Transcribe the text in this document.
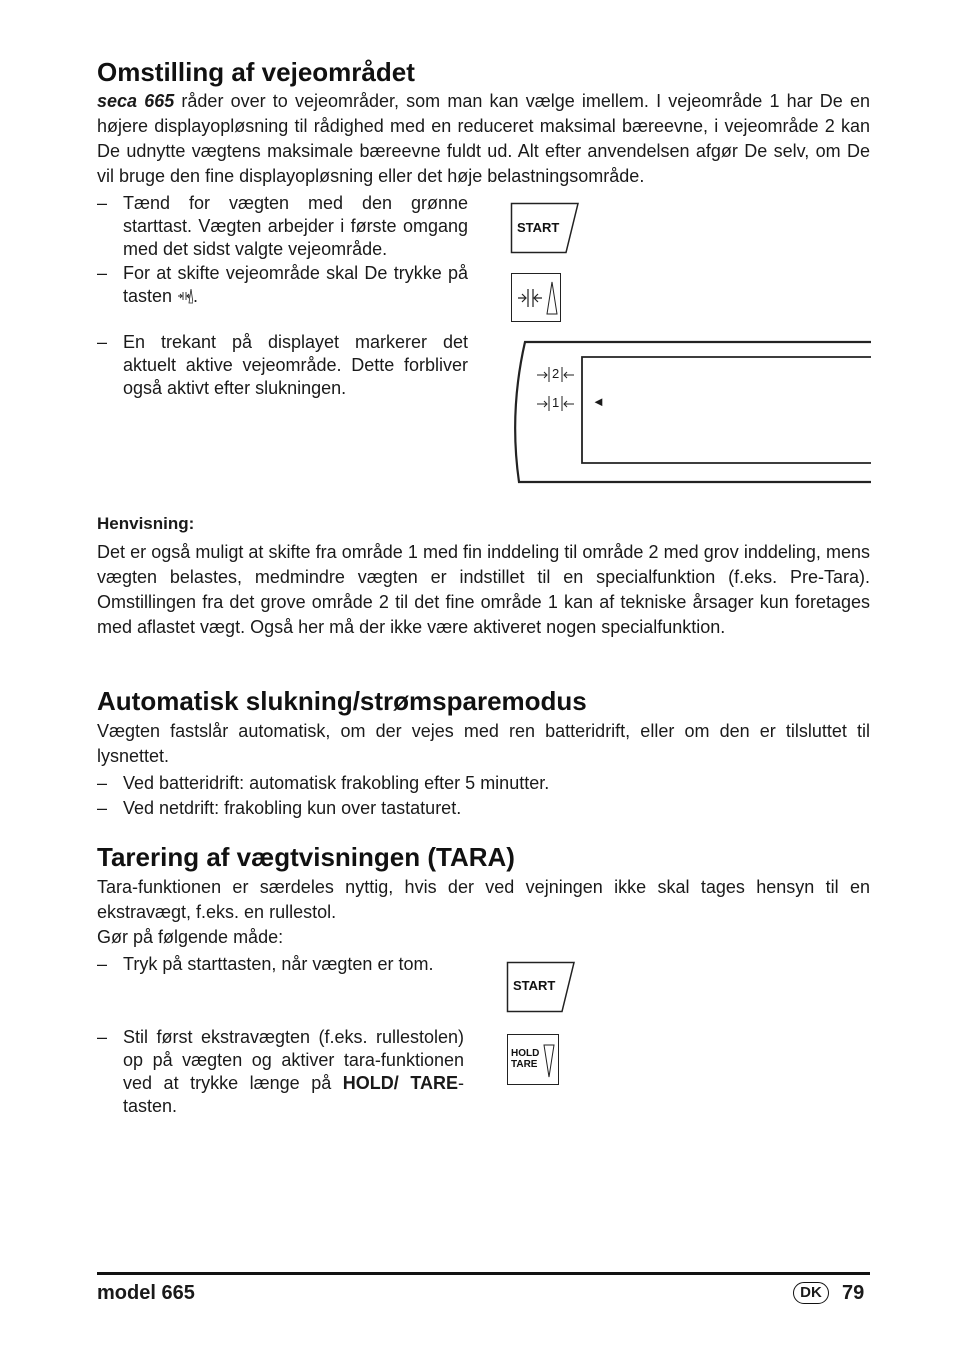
Omstilling af vejeområdet

seca 665 råder over to vejeområder, som man kan vælge imellem. I vejeområde 1 har De en højere displayopløsning til rådighed med en reduceret maksimal bæreevne, i vejeområde 2 kan De udnytte vægtens maksimale bæreevne fuldt ud. Alt efter anvendelsen afgør De selv, om De vil bruge den fine displayopløsning eller det høje belastningsområde.

– Tænd for vægten med den grønne starttast. Vægten arbejder i første omgang med det sidst valgte vejeområde.
– For at skifte vejeområde skal De trykke på tasten .
– En trekant på displayet markerer det aktuelt aktive vejeområde. Dette forbliver også aktivt efter slukningen.
START
2
1	◄
Henvisning:

Det er også muligt at skifte fra område 1 med fin inddeling til område 2 med grov inddeling, mens vægten belastes, medmindre vægten er indstillet til en specialfunktion (f.eks. Pre-Tara). Omstillingen fra det grove område 2 til det fine område 1 kan af tekniske årsager kun foretages med aflastet vægt. Også her må der ikke være aktiveret nogen specialfunktion.

Automatisk slukning/strømsparemodus

Vægten fastslår automatisk, om der vejes med ren batteridrift, eller om den er tilsluttet til lysnettet.

– Ved batteridrift: automatisk frakobling efter 5 minutter.
– Ved netdrift: frakobling kun over tastaturet.
Tarering af vægtvisningen (TARA)

Tara-funktionen er særdeles nyttig, hvis der ved vejningen ikke skal tages hensyn til en ekstravægt, f.eks. en rullestol.

Gør på følgende måde:

– Tryk på starttasten, når vægten er tom.
– Stil først ekstravægten (f.eks. rullestolen) op på vægten og aktiver tara-funktionen ved at trykke længe på HOLD/ TARE-tasten.
START
HOLD
TARE
model 665	DK	79
